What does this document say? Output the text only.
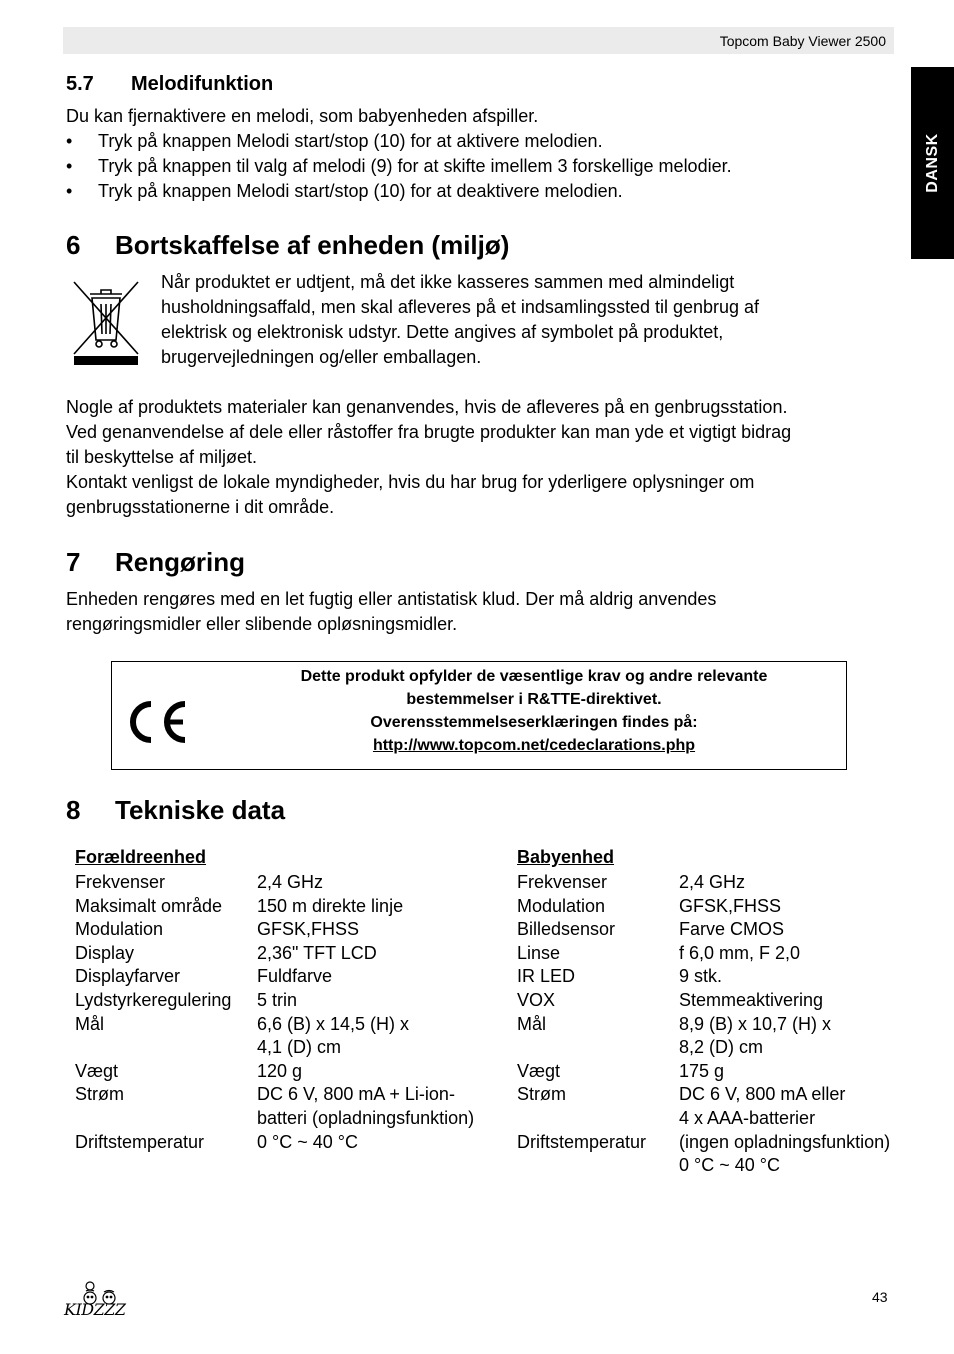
Topcom Baby Viewer 2500
DANSK
5.7 Melodifunktion
Du kan fjernaktivere en melodi, som babyenheden afspiller.
• Tryk på knappen Melodi start/stop (10) for at aktivere melodien.
• Tryk på knappen til valg af melodi (9) for at skifte imellem 3 forskellige melodier.
• Tryk på knappen Melodi start/stop (10) for at deaktivere melodien.
6 Bortskaffelse af enheden (miljø)
Når produktet er udtjent, må det ikke kasseres sammen med almindeligt
husholdningsaffald, men skal afleveres på et indsamlingssted til genbrug af
elektrisk og elektronisk udstyr. Dette angives af symbolet på produktet,
brugervejledningen og/eller emballagen.
Nogle af produktets materialer kan genanvendes, hvis de afleveres på en genbrugsstation.
Ved genanvendelse af dele eller råstoffer fra brugte produkter kan man yde et vigtigt bidrag
til beskyttelse af miljøet.
Kontakt venligst de lokale myndigheder, hvis du har brug for yderligere oplysninger om
genbrugsstationerne i dit område.
7 Rengøring
Enheden rengøres med en let fugtig eller antistatisk klud. Der må aldrig anvendes
rengøringsmidler eller slibende opløsningsmidler.
Dette produkt opfylder de væsentlige krav og andre relevante
bestemmelser i R&TTE-direktivet.
Overensstemmelseserklæringen findes på:
http://www.topcom.net/cedeclarations.php
8 Tekniske data
Forældreenhed
Frekvenser
Maksimalt område
Modulation
Display
Displayfarver
Lydstyrkeregulering
Mål

Vægt
Strøm

Driftstemperatur
2,4 GHz
150 m direkte linje
GFSK,FHSS
2,36" TFT LCD
Fuldfarve
5 trin
6,6 (B) x 14,5 (H) x
4,1 (D) cm
120 g
DC 6 V, 800 mA + Li-ion-
batteri (opladningsfunktion)
0 °C ~ 40 °C
Babyenhed
Frekvenser
Modulation
Billedsensor
Linse
IR LED
VOX
Mål

Vægt
Strøm

Driftstemperatur
2,4 GHz
GFSK,FHSS
Farve CMOS
f 6,0 mm, F 2,0
9 stk.
Stemmeaktivering
8,9 (B) x 10,7 (H) x
8,2 (D) cm
175 g
DC 6 V, 800 mA eller
4 x AAA-batterier
(ingen opladningsfunktion)
0 °C ~ 40 °C
KIDZZZ
43
